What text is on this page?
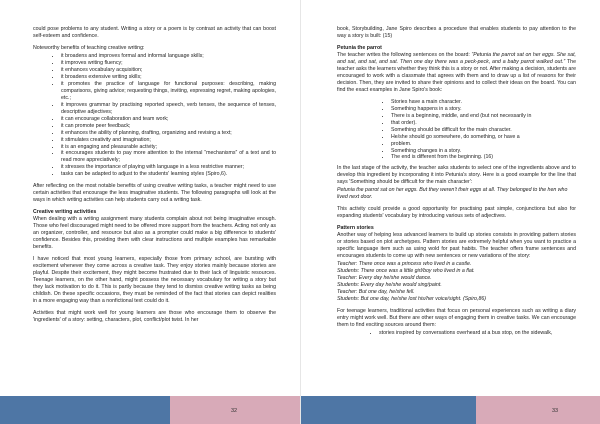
could pose problems to any student. Writing a story or a poem is by contrast an activity that can boost self-esteem and confidence.

Noteworthy benefits of teaching creative writing:

• it broadens and improves formal and informal language skills;
• it improves writing fluency;
• it enhances vocabulary acquisition;
• it broadens extensive writing skills;
• it promotes the practice of language for functional purposes: describing, making comparisons, giving advice; requesting things, inviting, expressing regret, making apologies, etc.;
• it improves grammar by practising reported speech, verb tenses, the sequence of tenses, descriptive adjectives;
• it can encourage collaboration and team work;
• it can promote peer feedback;
• it enhances the ability of planning, drafting, organizing and revising a text;
• it stimulates creativity and imagination;
• it is an engaging and pleasurable activity;
• it encourages students to pay more attention to the internal “mechanisms” of a text and to read more appreciatively;
• it stresses the importance of playing with language in a less restrictive manner;
• tasks can be adapted to adjust to the students' learning styles (Spiro,6).

After reflecting on the most notable benefits of using creative writing tasks, a teacher might need to use certain activities that encourage the less imaginative students. The following paragraphs will look at the ways in which writing activities can help students carry out a writing task.

Creative writing activities

When dealing with a writing assignment many students complain about not being imaginative enough. Those who feel discouraged might need to be offered more support from the teachers. Acting not only as an organizer, controller, and resource but also as a prompter could make a big difference to students' confidence. Besides this, providing them with clear instructions and multiple examples has remarkable benefits.

I have noticed that most young learners, especially those from primary school, are bursting with excitement whenever they come across a creative task. They enjoy stories mainly because stories are playful. Despite their excitement, they might become frustrated due to their lack of linguistic resources. Teenage learners, on the other hand, might possess the necessary vocabulary for writing a story but they lack motivation to do it. This is partly because they tend to dismiss creative writing tasks as being childish. On these specific occasions, they must be reminded of the fact that stories can depict realities in a more engaging way than a nonfictional text could do it.

Activities that might work well for young learners are those who encourage them to observe the 'ingredients' of a story: setting, characters, plot, conflict/plot twist. In her

32

book, Storybuilding, Jane Spiro describes a procedure that enables students to pay attention to the way a story is built: (15)

Petunia the parrot

The teacher writes the following sentences on the board: “Petunia the parrot sat on her eggs. She sat, and sat, and sat, and sat. Then one day there was a peck-peck, and a baby parrot walked out.” The teacher asks the learners whether they think this is a story or not. After making a decision, students are encouraged to work with a classmate that agrees with them and to draw up a list of reasons for their decision. Then, they are invited to share their opinions and to collect their ideas on the board. You can find the exact examples in Jane Spiro's book:

• Stories have a main character.
• Something happens in a story.
• There is a beginning, middle, and end (but not necessarily in
• that order).
• Something should be difficult for the main character.
• He/she should go somewhere, do something, or have a
• problem.
• Something changes in a story.
• The end is different from the beginning. (16)

In the last stage of the activity, the teacher asks students to select one of the ingredients above and to develop this ingredient by incorporating it into Petunia's story. Here is a good example for the line that says 'Something should be difficult for the main character':

Petunia the parrot sat on her eggs. But they weren't their eggs at all. They belonged to the hen who lived next door.

This activity could provide a good opportunity for practising past simple, conjunctions but also for expanding students' vocabulary by introducing various sets of adjectives.

Pattern stories

Another way of helping less advanced learners to build up stories consists in providing pattern stories or stories based on plot archetypes. Pattern stories are extremely helpful when you want to practice a specific language item such as using wold for past habits. The teacher offers frame sentences and encourages students to come up with new sentences or new variations of the story:

Teacher: There once was a princess who lived in a castle.

Students: There once was a little girl/boy who lived in a flat.

Teacher: Every day he/she would dance.

Students: Every day he/she would sing/paint.

Teacher: But one day, he/she fell.

Students: But one day, he/she lost his/her voice/sight. (Spiro,86)

For teenage learners, traditional activities that focus on personal experiences such as writing a diary entry might work well. But there are other ways of engaging them in creative tasks. We can encourage them to find exciting sources around them:

• stories inspired by conversations overheard at a bus stop, on the sidewalk,
33
